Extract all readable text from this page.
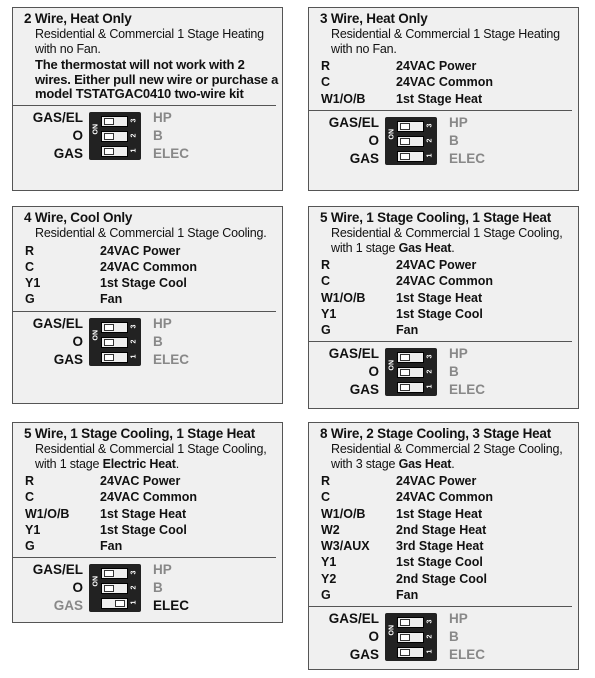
2 Wire, Heat Only
Residential & Commercial 1 Stage Heating with no Fan.
The thermostat will not work with 2 wires. Either pull new wire or purchase a model TSTATGAC0410 two-wire kit
GAS/EL	HP
O	B
GAS	ELEC
3
2
1
ON
3 Wire, Heat Only
Residential & Commercial 1 Stage Heating with no Fan.
R	24VAC Power
C	24VAC Common
W1/O/B	1st Stage Heat
GAS/EL	HP
O	B
GAS	ELEC
3
2
1
ON
4 Wire, Cool Only
Residential & Commercial 1 Stage Cooling.
R	24VAC Power
C	24VAC Common
Y1	1st Stage Cool
G	Fan
GAS/EL	HP
O	B
GAS	ELEC
3
2
1
ON
5 Wire, 1 Stage Cooling, 1 Stage Heat
Residential & Commercial 1 Stage Cooling, with 1 stage Gas Heat.
R	24VAC Power
C	24VAC Common
W1/O/B	1st Stage Heat
Y1	1st Stage Cool
G	Fan
GAS/EL	HP
O	B
GAS	ELEC
3
2
1
ON
5 Wire, 1 Stage Cooling, 1 Stage Heat
Residential & Commercial 1 Stage Cooling, with 1 stage Electric Heat.
R	24VAC Power
C	24VAC Common
W1/O/B	1st Stage Heat
Y1	1st Stage Cool
G	Fan
GAS/EL	HP
O	B
GAS	ELEC
3
2
1
ON
8 Wire, 2 Stage Cooling, 3 Stage Heat
Residential & Commercial 2 Stage Cooling, with 3 stage Gas Heat.
R	24VAC Power
C	24VAC Common
W1/O/B	1st Stage Heat
W2	2nd Stage Heat
W3/AUX	3rd Stage Heat
Y1	1st Stage Cool
Y2	2nd Stage Cool
G	Fan
GAS/EL	HP
O	B
GAS	ELEC
3
2
1
ON
